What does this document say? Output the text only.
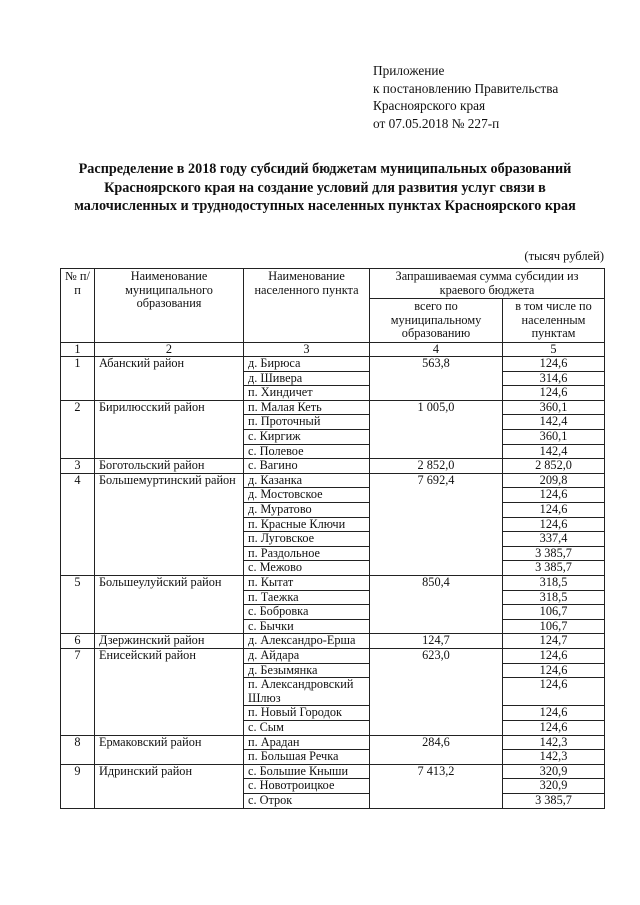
Приложение
к постановлению Правительства
Красноярского края
от 07.05.2018 № 227-п
Распределение в 2018 году субсидий бюджетам муниципальных образований Красноярского края на создание условий для развития услуг связи в малочисленных и труднодоступных населенных пунктах Красноярского края
(тысяч рублей)
№ п/п	Наименование муниципального образования	Наименование населенного пункта	Запрашиваемая сумма субсидии из краевого бюджета	
			всего по муниципальному образованию	в том числе по населенным пунктам
1	2	3	4	5
1	Абанский район	д. Бирюса	563,8	124,6
		д. Шивера		314,6
		п. Хиндичет		124,6
2	Бирилюсский район	п. Малая Кеть	1 005,0	360,1
		п. Проточный		142,4
		с. Киргиж		360,1
		с. Полевое		142,4
3	Боготольский район	с. Вагино	2 852,0	2 852,0
4	Большемуртинский район	д. Казанка	7 692,4	209,8
		д. Мостовское		124,6
		д. Муратово		124,6
		п. Красные Ключи		124,6
		п. Луговское		337,4
		п. Раздольное		3 385,7
		с. Межово		3 385,7
5	Большеулуйский район	п. Кытат	850,4	318,5
		п. Таежка		318,5
		с. Бобровка		106,7
		с. Бычки		106,7
6	Дзержинский район	д. Александро-Ерша	124,7	124,7
7	Енисейский район	д. Айдара	623,0	124,6
		д. Безымянка		124,6
		п. Александровский Шлюз		124,6
		п. Новый Городок		124,6
		с. Сым		124,6
8	Ермаковский район	п. Арадан	284,6	142,3
		п. Большая Речка		142,3
9	Идринский район	с. Большие Кныши	7 413,2	320,9
		с. Новотроицкое		320,9
		с. Отрок		3 385,7
